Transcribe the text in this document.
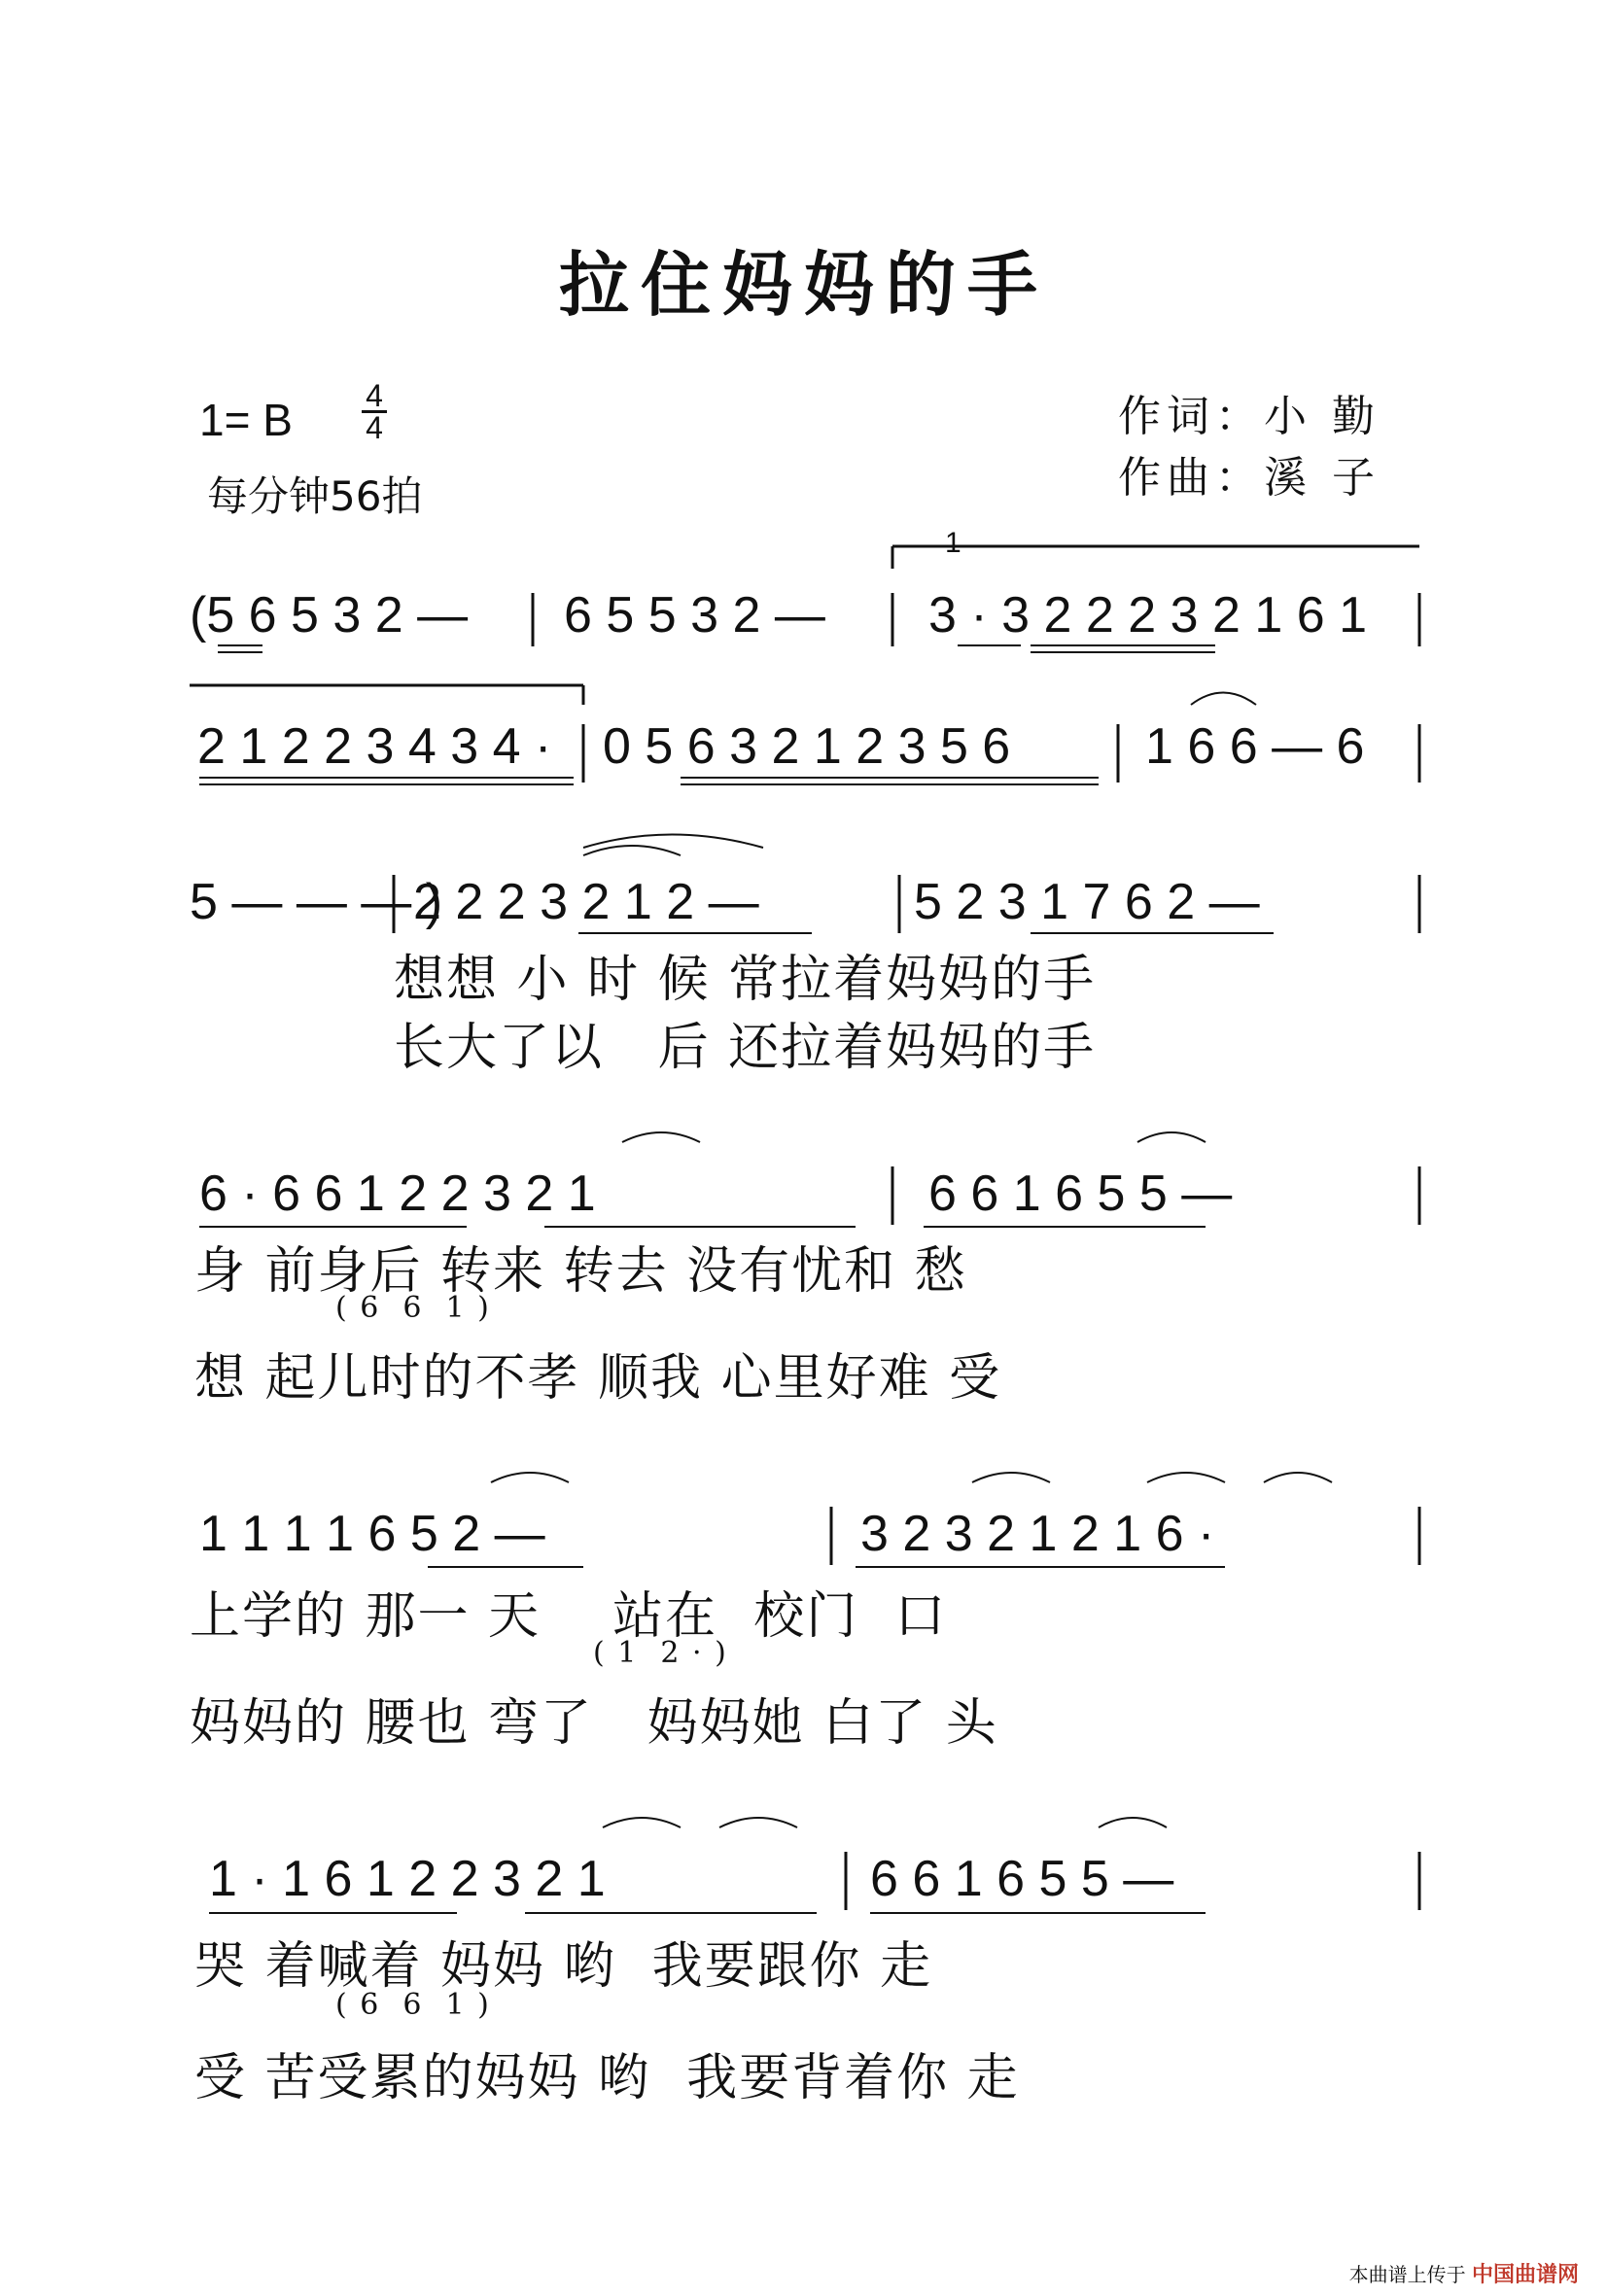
拉住妈妈的手
1= B 4
4
每分钟56拍
作词：小 勤
作曲：溪 子
(5 6 5 3 2 — 6 5 5 3 2 —
1
3 · 3 2 2 2 3 2 1 6 1
2 1 2 2 3 4 3 4 · 0 5 6 3 2 1 2 3 5 6	1 6 6 — 6
5 — — — )
2 2 2 3 2 1 2 —	5 2 3 1 7 6 2 —
6 · 6 6 1 2 2 3 2 1	6 6 1 6 5 5 —
1 1 1 1 6 5 2 —	3 2 3 2 1 2 1 6 ·
1 · 1 6 1 2 2 3 2 1	6 6 1 6 5 5 —
想想 小 时 候 常拉着妈妈的手
长大了以   后 还拉着妈妈的手
身 前身后 转来 转去 没有忧和 愁
( 6  6  1 )
想 起儿时的不孝 顺我 心里好难 受
上学的 那一 天    站在  校门  口
( 1  2 · )
妈妈的 腰也 弯了   妈妈她 白了 头
哭 着喊着 妈妈 哟  我要跟你 走
( 6  6  1 )
受 苦受累的妈妈 哟  我要背着你 走
本曲谱上传于 中国曲谱网
